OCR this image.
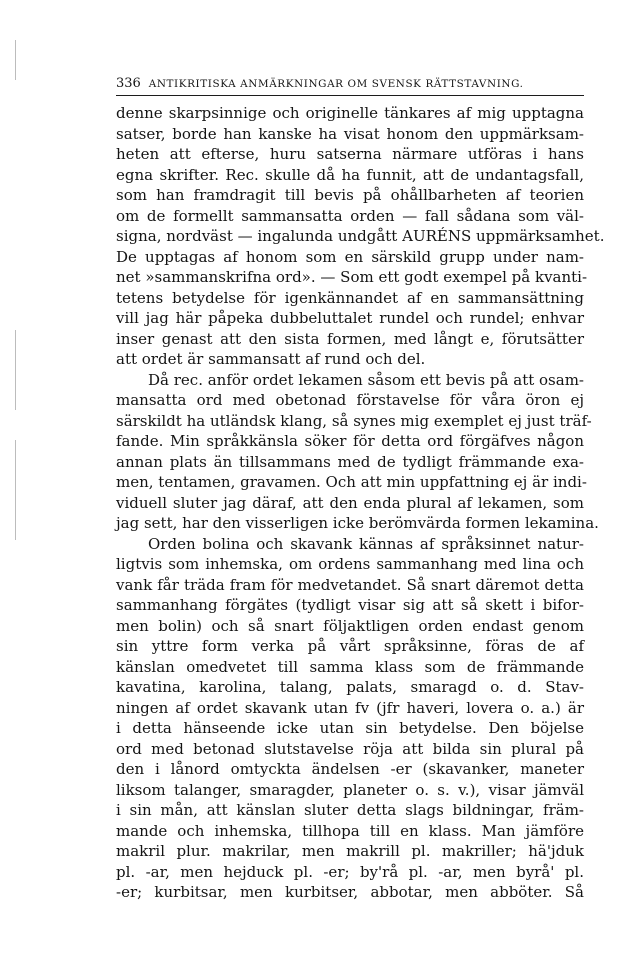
336 ANTIKRITISKA ANMÄRKNINGAR OM SVENSK RÄTTSTAVNING.
denne skarpsinnige och originelle tänkares af mig upptagna
satser, borde han kanske ha visat honom den uppmärksam-
heten att efterse, huru satserna närmare utföras i hans
egna skrifter. Rec. skulle då ha funnit, att de undantagsfall,
som han framdragit till bevis på ohållbarheten af teorien
om de formellt sammansatta orden — fall sådana som väl-
signa, nordväst — ingalunda undgått AURÉNS uppmärksamhet.
De upptagas af honom som en särskild grupp under nam-
net »sammanskrifna ord». — Som ett godt exempel på kvanti-
tetens betydelse för igenkännandet af en sammansättning
vill jag här påpeka dubbeluttalet rundel och rundel; enhvar
inser genast att den sista formen, med långt e, förutsätter
att ordet är sammansatt af rund och del.
Då rec. anför ordet lekamen såsom ett bevis på att osam-
mansatta ord med obetonad förstavelse för våra öron ej
särskildt ha utländsk klang, så synes mig exemplet ej just träf-
fande. Min språkkänsla söker för detta ord förgäfves någon
annan plats än tillsammans med de tydligt främmande exa-
men, tentamen, gravamen. Och att min uppfattning ej är indi-
viduell sluter jag däraf, att den enda plural af lekamen, som
jag sett, har den visserligen icke berömvärda formen lekamina.
Orden bolina och skavank kännas af språksinnet natur-
ligtvis som inhemska, om ordens sammanhang med lina och
vank får träda fram för medvetandet. Så snart däremot detta
sammanhang förgätes (tydligt visar sig att så skett i bifor-
men bolin) och så snart följaktligen orden endast genom
sin yttre form verka på vårt språksinne, föras de af
känslan omedvetet till samma klass som de främmande
kavatina, karolina, talang, palats, smaragd o. d. Stav-
ningen af ordet skavank utan fv (jfr haveri, lovera o. a.) är
i detta hänseende icke utan sin betydelse. Den böjelse
ord med betonad slutstavelse röja att bilda sin plural på
den i lånord omtyckta ändelsen -er (skavanker, maneter
liksom talanger, smaragder, planeter o. s. v.), visar jämväl
i sin mån, att känslan sluter detta slags bildningar, främ-
mande och inhemska, tillhopa till en klass. Man jämföre
makril plur. makrilar, men makrill pl. makriller; hä'jduk
pl. -ar, men hejduck pl. -er; by'rå pl. -ar, men byrå' pl.
-er; kurbitsar, men kurbitser, abbotar, men abböter. Så
